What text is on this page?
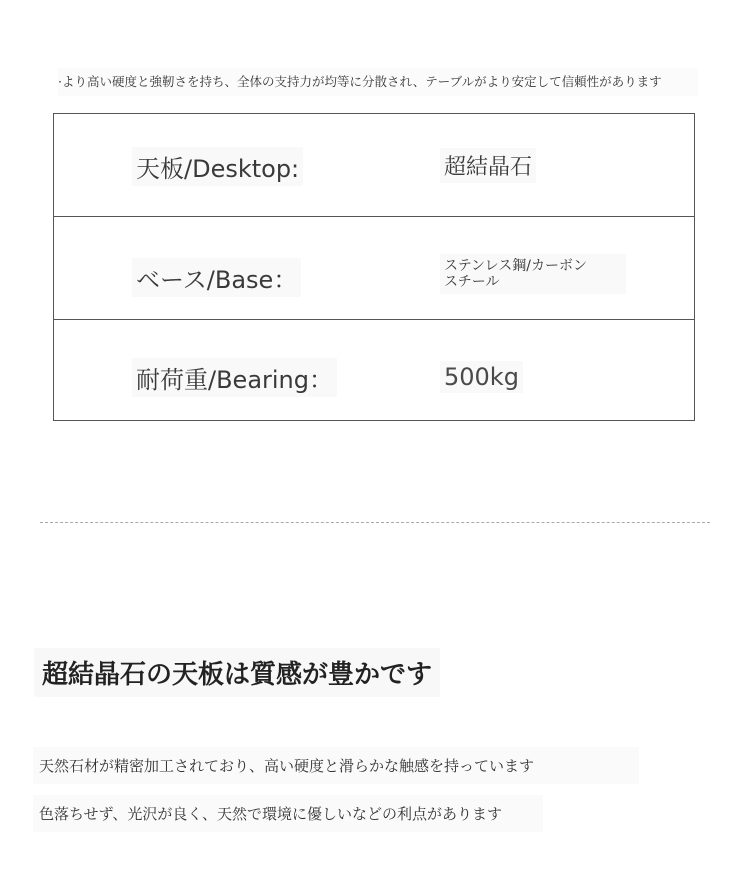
·より高い硬度と強靭さを持ち、全体の支持力が均等に分散され、テーブルがより安定して信頼性があります
天板/Desktop:	超結晶石
ベース/Base：	ステンレス鋼/カーボン
スチール
耐荷重/Bearing：	500kg
超結晶石の天板は質感が豊かです
天然石材が精密加工されており、高い硬度と滑らかな触感を持っています
色落ちせず、光沢が良く、天然で環境に優しいなどの利点があります
